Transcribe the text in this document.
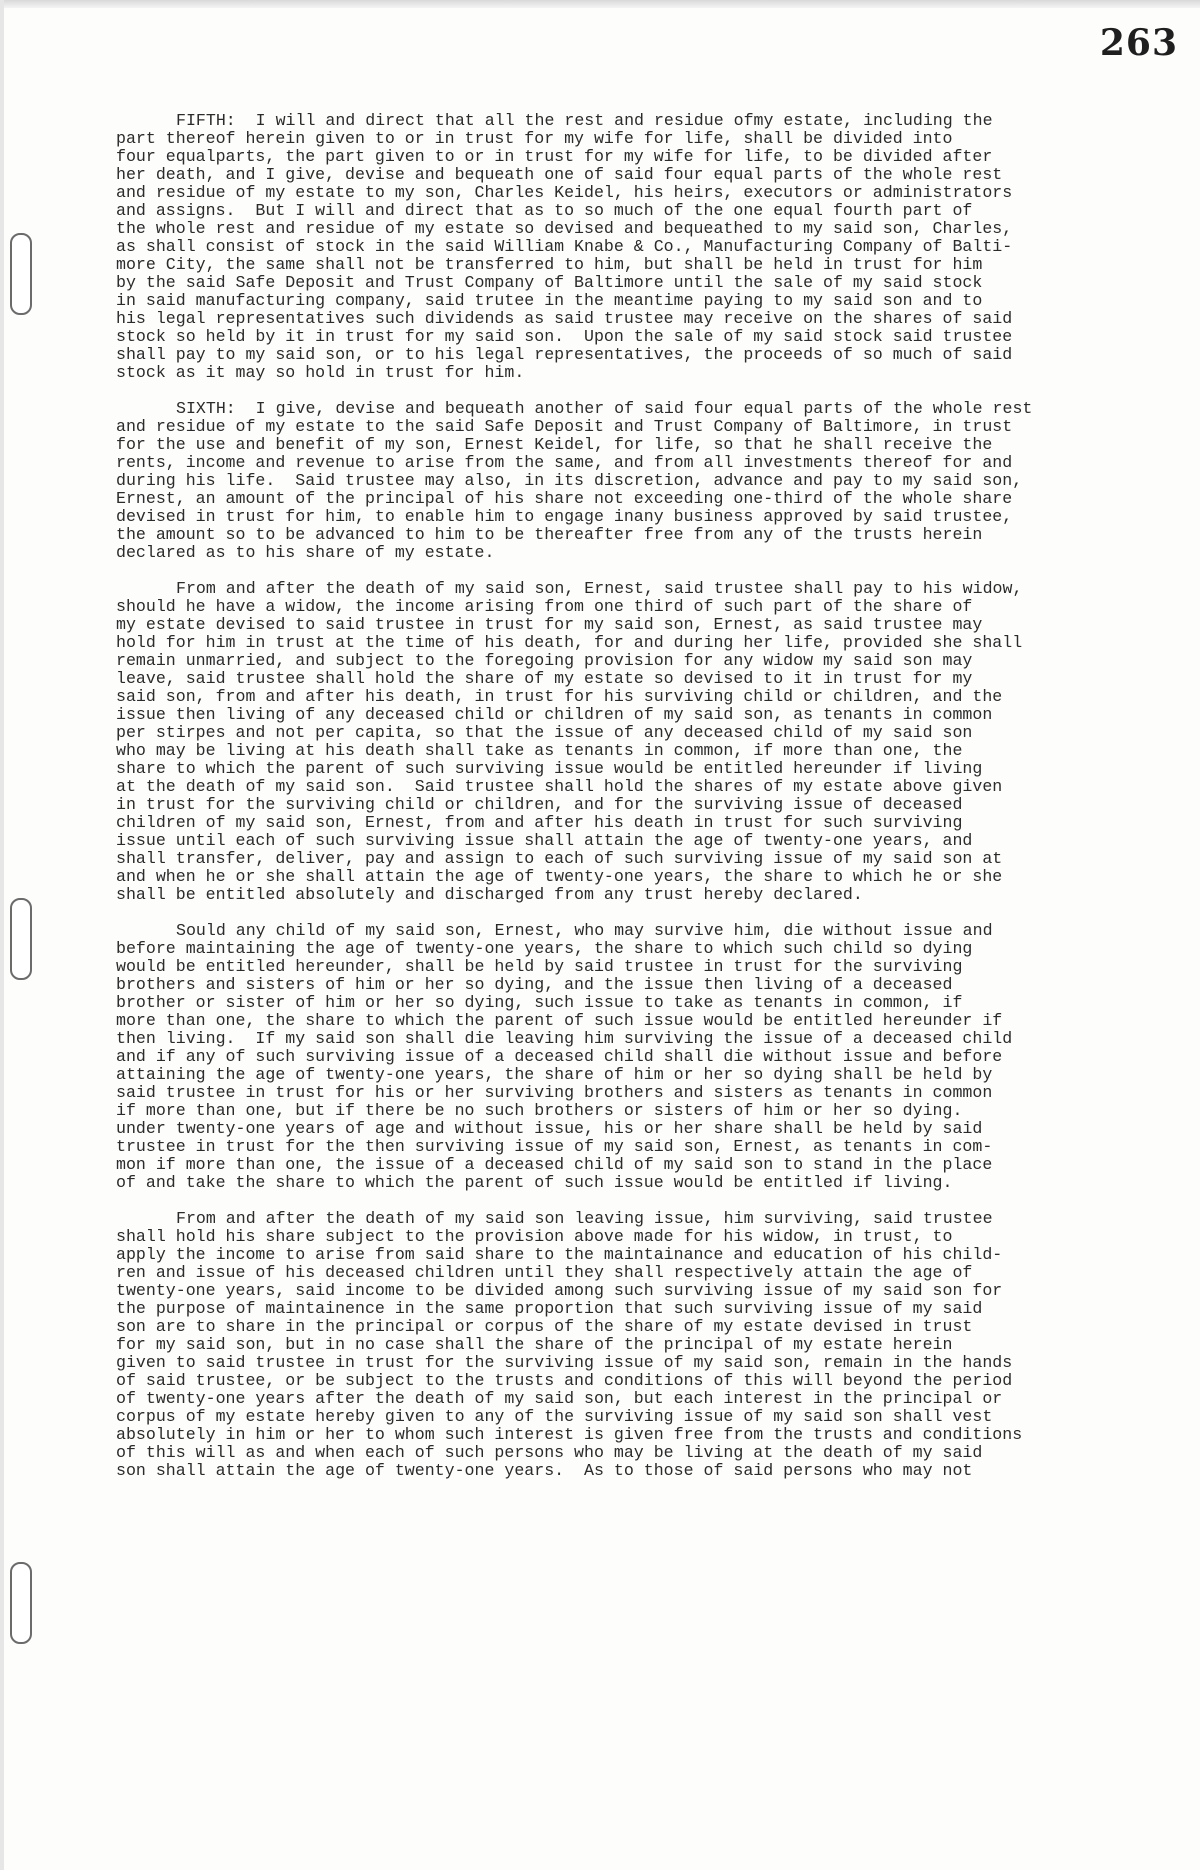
263
FIFTH:  I will and direct that all the rest and residue ofmy estate, including the
part thereof herein given to or in trust for my wife for life, shall be divided into
four equalparts, the part given to or in trust for my wife for life, to be divided after
her death, and I give, devise and bequeath one of said four equal parts of the whole rest
and residue of my estate to my son, Charles Keidel, his heirs, executors or administrators
and assigns.  But I will and direct that as to so much of the one equal fourth part of
the whole rest and residue of my estate so devised and bequeathed to my said son, Charles,
as shall consist of stock in the said William Knabe & Co., Manufacturing Company of Balti-
more City, the same shall not be transferred to him, but shall be held in trust for him
by the said Safe Deposit and Trust Company of Baltimore until the sale of my said stock
in said manufacturing company, said trutee in the meantime paying to my said son and to
his legal representatives such dividends as said trustee may receive on the shares of said
stock so held by it in trust for my said son.  Upon the sale of my said stock said trustee
shall pay to my said son, or to his legal representatives, the proceeds of so much of said
stock as it may so hold in trust for him.
SIXTH:  I give, devise and bequeath another of said four equal parts of the whole rest
and residue of my estate to the said Safe Deposit and Trust Company of Baltimore, in trust
for the use and benefit of my son, Ernest Keidel, for life, so that he shall receive the
rents, income and revenue to arise from the same, and from all investments thereof for and
during his life.  Said trustee may also, in its discretion, advance and pay to my said son,
Ernest, an amount of the principal of his share not exceeding one-third of the whole share
devised in trust for him, to enable him to engage inany business approved by said trustee,
the amount so to be advanced to him to be thereafter free from any of the trusts herein
declared as to his share of my estate.
From and after the death of my said son, Ernest, said trustee shall pay to his widow,
should he have a widow, the income arising from one third of such part of the share of
my estate devised to said trustee in trust for my said son, Ernest, as said trustee may
hold for him in trust at the time of his death, for and during her life, provided she shall
remain unmarried, and subject to the foregoing provision for any widow my said son may
leave, said trustee shall hold the share of my estate so devised to it in trust for my
said son, from and after his death, in trust for his surviving child or children, and the
issue then living of any deceased child or children of my said son, as tenants in common
per stirpes and not per capita, so that the issue of any deceased child of my said son
who may be living at his death shall take as tenants in common, if more than one, the
share to which the parent of such surviving issue would be entitled hereunder if living
at the death of my said son.  Said trustee shall hold the shares of my estate above given
in trust for the surviving child or children, and for the surviving issue of deceased
children of my said son, Ernest, from and after his death in trust for such surviving
issue until each of such surviving issue shall attain the age of twenty-one years, and
shall transfer, deliver, pay and assign to each of such surviving issue of my said son at
and when he or she shall attain the age of twenty-one years, the share to which he or she
shall be entitled absolutely and discharged from any trust hereby declared.
Sould any child of my said son, Ernest, who may survive him, die without issue and
before maintaining the age of twenty-one years, the share to which such child so dying
would be entitled hereunder, shall be held by said trustee in trust for the surviving
brothers and sisters of him or her so dying, and the issue then living of a deceased
brother or sister of him or her so dying, such issue to take as tenants in common, if
more than one, the share to which the parent of such issue would be entitled hereunder if
then living.  If my said son shall die leaving him surviving the issue of a deceased child
and if any of such surviving issue of a deceased child shall die without issue and before
attaining the age of twenty-one years, the share of him or her so dying shall be held by
said trustee in trust for his or her surviving brothers and sisters as tenants in common
if more than one, but if there be no such brothers or sisters of him or her so dying.
under twenty-one years of age and without issue, his or her share shall be held by said
trustee in trust for the then surviving issue of my said son, Ernest, as tenants in com-
mon if more than one, the issue of a deceased child of my said son to stand in the place
of and take the share to which the parent of such issue would be entitled if living.
From and after the death of my said son leaving issue, him surviving, said trustee
shall hold his share subject to the provision above made for his widow, in trust, to
apply the income to arise from said share to the maintainance and education of his child-
ren and issue of his deceased children until they shall respectively attain the age of
twenty-one years, said income to be divided among such surviving issue of my said son for
the purpose of maintainence in the same proportion that such surviving issue of my said
son are to share in the principal or corpus of the share of my estate devised in trust
for my said son, but in no case shall the share of the principal of my estate herein
given to said trustee in trust for the surviving issue of my said son, remain in the hands
of said trustee, or be subject to the trusts and conditions of this will beyond the period
of twenty-one years after the death of my said son, but each interest in the principal or
corpus of my estate hereby given to any of the surviving issue of my said son shall vest
absolutely in him or her to whom such interest is given free from the trusts and conditions
of this will as and when each of such persons who may be living at the death of my said
son shall attain the age of twenty-one years.  As to those of said persons who may not
